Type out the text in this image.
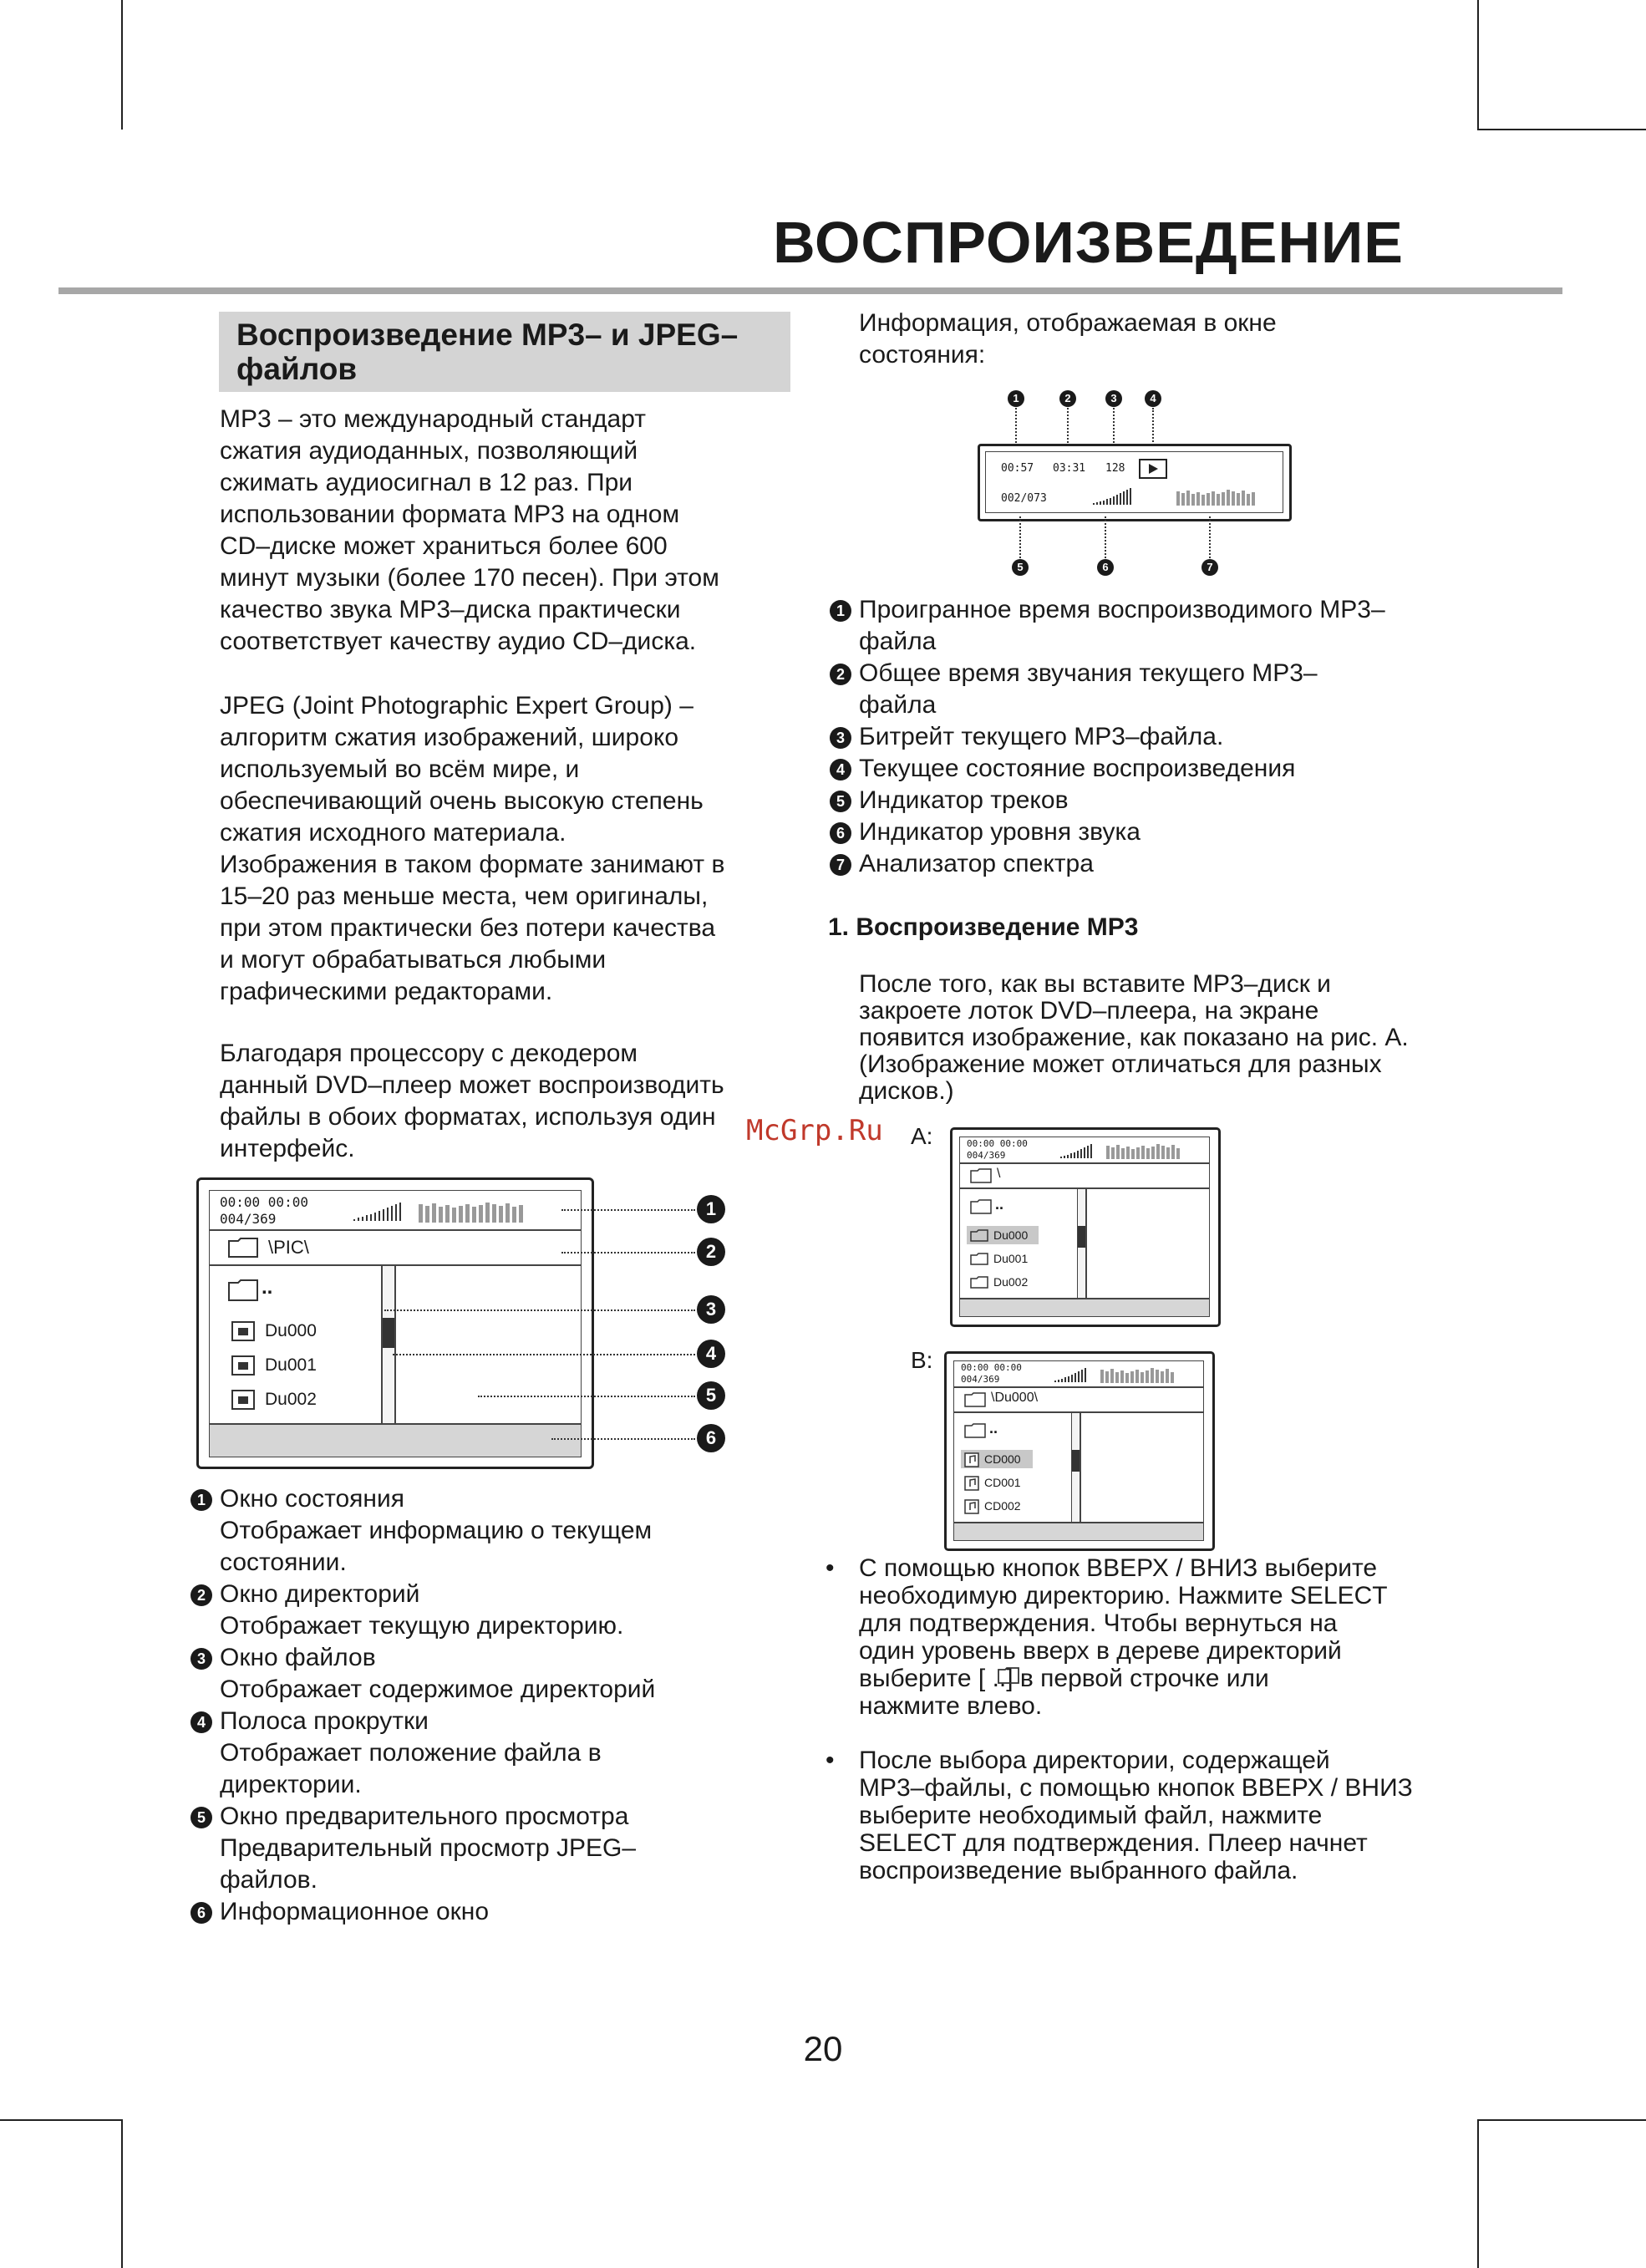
ВОСПРОИЗВЕДЕНИЕ
Воспроизведение MP3– и JPEG–файлов
MP3 – это международный стандарт
сжатия аудиоданных, позволяющий
сжимать аудиосигнал в 12 раз. При
использовании формата MP3 на одном
CD–диске может храниться более 600
минут музыки (более 170 песен). При этом
качество звука MP3–диска практически
соответствует качеству аудио CD–диска.
JPEG (Joint Photographic Expert Group) –
алгоритм сжатия изображений, широко
используемый во всём мире, и
обеспечивающий очень высокую степень
сжатия исходного материала.
Изображения в таком формате занимают в
15–20 раз меньше места, чем оригиналы,
при этом практически без потери качества
и могут обрабатываться любыми
графическими редакторами.
Благодаря процессору с декодером
данный DVD–плеер может воспроизводить
файлы в обоих форматах, используя один
интерфейс.
00:00 00:00
004/369
\PIC\
..
Du000
Du001
Du002
1
2
3
4
5
6
1 Окно состояния
Отображает информацию о текущем
состоянии.
2 Окно директорий
Отображает текущую директорию.
3 Окно файлов
Отображает содержимое директорий
4 Полоса прокрутки
Отображает положение файла в
директории.
5 Окно предварительного просмотра
Предварительный просмотр JPEG–
файлов.
6 Информационное окно
Информация, отображаемая в окне
состояния:
1	2	3	4
00:57 03:31 128
002/073
5	6	7
1 Проигранное время воспроизводимого MP3–
файла
2 Общее время звучания текущего MP3–
файла
3 Битрейт текущего MP3–файла.
4 Текущее состояние воспроизведения
5 Индикатор треков
6 Индикатор уровня звука
7 Анализатор спектра
1. Воспроизведение MP3
После того, как вы вставите MP3–диск и
закроете лоток DVD–плеера, на экране
появится изображение, как показано на рис. А.
(Изображение может отличаться для разных
дисков.)
McGrp.Ru A:	00:00 00:00
004/369
\
..
Du000
Du001
Du002
B:	00:00 00:00
004/369
\Du000\
..
CD000
CD001
CD002
• С помощью кнопок ВВЕРХ / ВНИЗ выберите
необходимую директорию. Нажмите SELECT
для подтверждения. Чтобы вернуться на
один уровень вверх в дереве директорий
выберите [ ..] в первой строчке или
нажмите влево.
• После выбора директории, содержащей
MP3–файлы, с помощью кнопок ВВЕРХ / ВНИЗ
выберите необходимый файл, нажмите
SELECT для подтверждения. Плеер начнет
воспроизведение выбранного файла.
20
